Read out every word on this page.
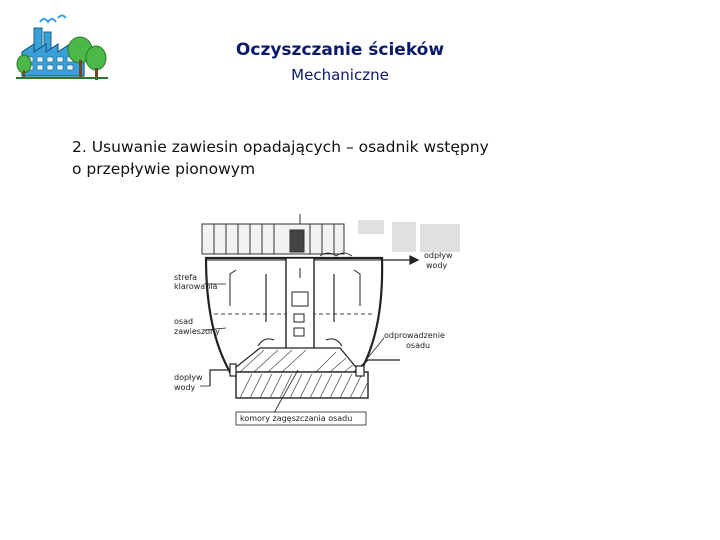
Oczyszczanie ścieków
Mechaniczne
2. Usuwanie zawiesin opadających – osadnik wstępny
o przepływie pionowym
strefa
klarowania
osad
zawieszony
dopływ
wody
odpływ
wody
odprowadzenie
osadu
komory zagęszczania osadu
